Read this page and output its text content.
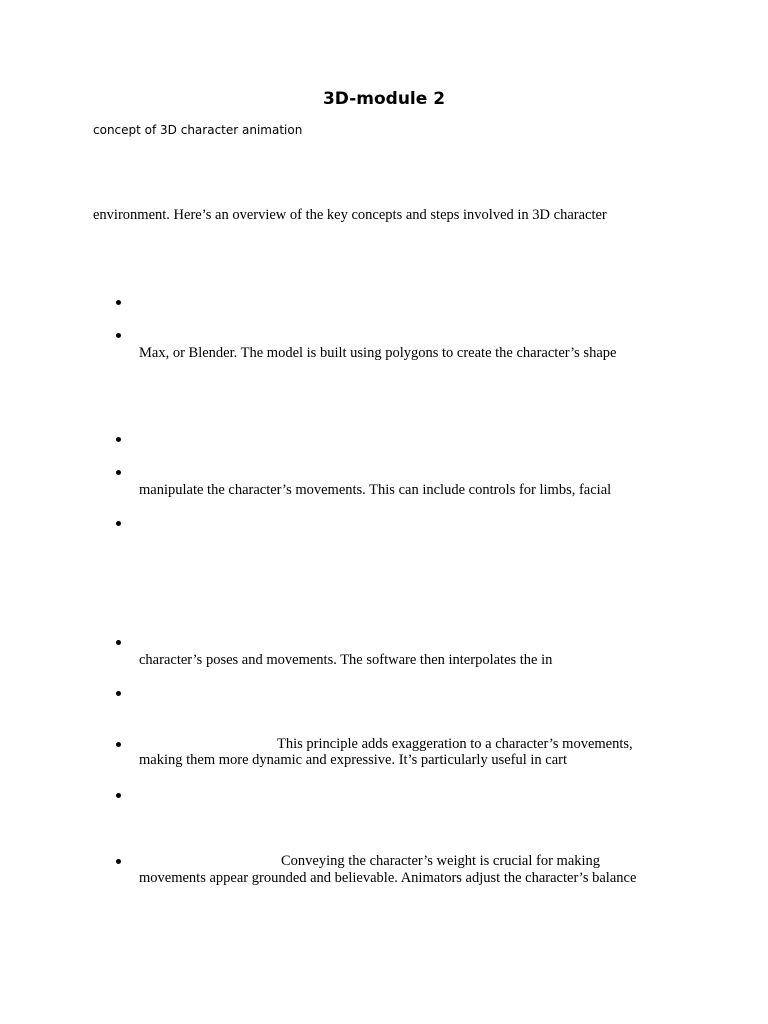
3D-module 2
concept of 3D character animation
environment. Here’s an overview of the key concepts and steps involved in 3D character
Max, or Blender. The model is built using polygons to create the character’s shape
manipulate the character’s movements. This can include controls for limbs, facial
character’s poses and movements. The software then interpolates the in
This principle adds exaggeration to a character’s movements,
making them more dynamic and expressive. It’s particularly useful in cart
Conveying the character’s weight is crucial for making
movements appear grounded and believable. Animators adjust the character’s balance
